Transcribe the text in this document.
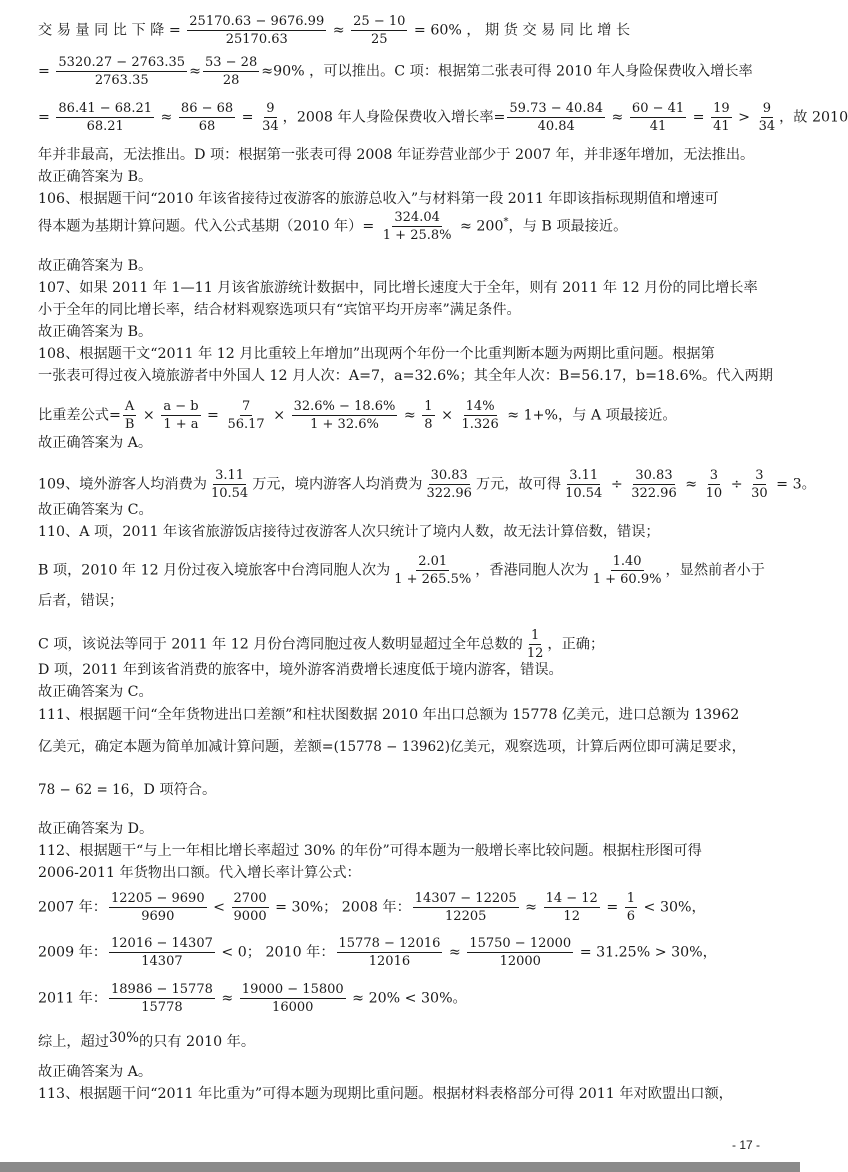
交 易 量 同 比 下 降 = $\frac{25170.63 - 9676.99}{25170.63} \approx \frac{25 - 10}{25} = 60\%$ ， 期 货 交 易 同 比 增 长
= $\frac{5320.27 - 2763.35}{2763.35} \approx \frac{53 - 28}{28} \approx 90\%$ ，可以推出。C 项：根据第二张表可得 2010 年人身险保费收入增长率
= $\frac{86.41 - 68.21}{68.21} \approx \frac{86 - 68}{68} = \frac{9}{34}$ ，2008 年人身险保费收入增长率= $\frac{59.73 - 40.84}{40.84} \approx \frac{60 - 41}{41} = \frac{19}{41} > \frac{9}{34}$ ，故 2010
年并非最高，无法推出。D 项：根据第一张表可得 2008 年证券营业部少于 2007 年，并非逐年增加，无法推出。
故正确答案为 B。
106、根据题干问“2010 年该省接待过夜游客的旅游总收入”与材料第一段 2011 年即该指标现期值和增速可
得本题为基期计算问题。代入公式基期（2010 年）= $\frac{324.04}{1 + 25.8\%} \approx 200^*$，与 B 项最接近。
故正确答案为 B。
107、如果 2011 年 1—11 月该省旅游统计数据中，同比增长速度大于全年，则有 2011 年 12 月份的同比增长率
小于全年的同比增长率，结合材料观察选项只有“宾馆平均开房率”满足条件。
故正确答案为 B。
108、根据题干文“2011 年 12 月比重较上年增加”出现两个年份一个比重判断本题为两期比重问题。根据第
一张表可得过夜入境旅游者中外国人 12 月人次：A=7，a=32.6%；其全年人次：B=56.17，b=18.6%。代入两期
比重差公式= $\frac{A}{B} \times \frac{a - b}{1 + a} = \frac{7}{56.17} \times \frac{32.6\% - 18.6\%}{1 + 32.6\%} \approx \frac{1}{8} \times \frac{14\%}{1.326} \approx 1+\%$，与 A 项最接近。
故正确答案为 A。
109、境外游客人均消费为 $\frac{3.11}{10.54}$ 万元，境内游客人均消费为 $\frac{30.83}{322.96}$ 万元，故可得 $\frac{3.11}{10.54} \div \frac{30.83}{322.96} \approx \frac{3}{10} \div \frac{3}{30} = 3$。
故正确答案为 C。
110、A 项，2011 年该省旅游饭店接待过夜游客人次只统计了境内人数，故无法计算倍数，错误；
B 项，2010 年 12 月份过夜入境旅客中台湾同胞人次为 $\frac{2.01}{1 + 265.5\%}$ ，香港同胞人次为 $\frac{1.40}{1 + 60.9\%}$ ，显然前者小于
后者，错误；
C 项，该说法等同于 2011 年 12 月份台湾同胞过夜人数明显超过全年总数的 $\frac{1}{12}$ ，正确；
D 项，2011 年到该省消费的旅客中，境外游客消费增长速度低于境内游客，错误。
故正确答案为 C。
111、根据题干问“全年货物进出口差额”和柱状图数据 2010 年出口总额为 15778 亿美元，进口总额为 13962
亿美元，确定本题为简单加减计算问题，差额=(15778 − 13962)亿美元，观察选项，计算后两位即可满足要求，
78 − 62 = 16，D 项符合。
故正确答案为 D。
112、根据题干“与上一年相比增长率超过 30% 的年份”可得本题为一般增长率比较问题。根据柱形图可得
2006-2011 年货物出口额。代入增长率计算公式：
2007 年： $\frac{12205 - 9690}{9690} < \frac{2700}{9000} = 30\%$； 2008 年： $\frac{14307 - 12205}{12205} \approx \frac{14 - 12}{12} = \frac{1}{6} < 30\%$，
2009 年： $\frac{12016 - 14307}{14307} < 0$； 2010 年： $\frac{15778 - 12016}{12016} \approx \frac{15750 - 12000}{12000} = 31.25\% > 30\%$，
2011 年： $\frac{18986 - 15778}{15778} \approx \frac{19000 - 15800}{16000} \approx 20\% < 30\%$。
综上，超过30%的只有 2010 年。
故正确答案为 A。
113、根据题干问“2011 年比重为”可得本题为现期比重问题。根据材料表格部分可得 2011 年对欧盟出口额，
- 17 -
